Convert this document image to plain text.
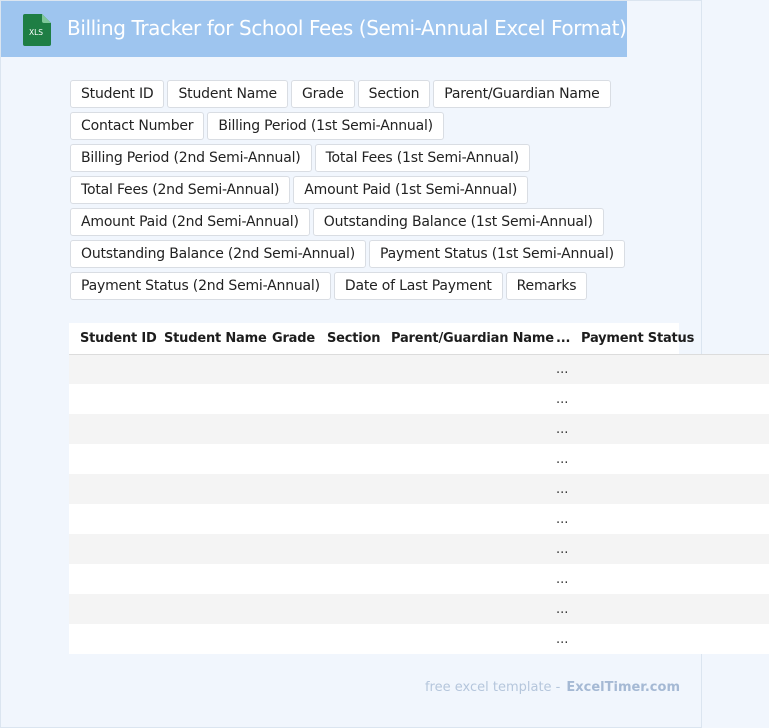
XLS Billing Tracker for School Fees (Semi-Annual Excel Format)
Student ID	Student Name	Grade	Section	Parent/Guardian Name
Contact Number	Billing Period (1st Semi-Annual)
Billing Period (2nd Semi-Annual)	Total Fees (1st Semi-Annual)
Total Fees (2nd Semi-Annual)	Amount Paid (1st Semi-Annual)
Amount Paid (2nd Semi-Annual)	Outstanding Balance (1st Semi-Annual)
Outstanding Balance (2nd Semi-Annual)	Payment Status (1st Semi-Annual)
Payment Status (2nd Semi-Annual)	Date of Last Payment	Remarks
Student ID	Student Name	Grade	Section	Parent/Guardian Name	...	Payment Status
					...	
					...	
					...	
					...	
					...	
					...	
					...	
					...	
					...	
					...	
free excel template - ExcelTimer.com
